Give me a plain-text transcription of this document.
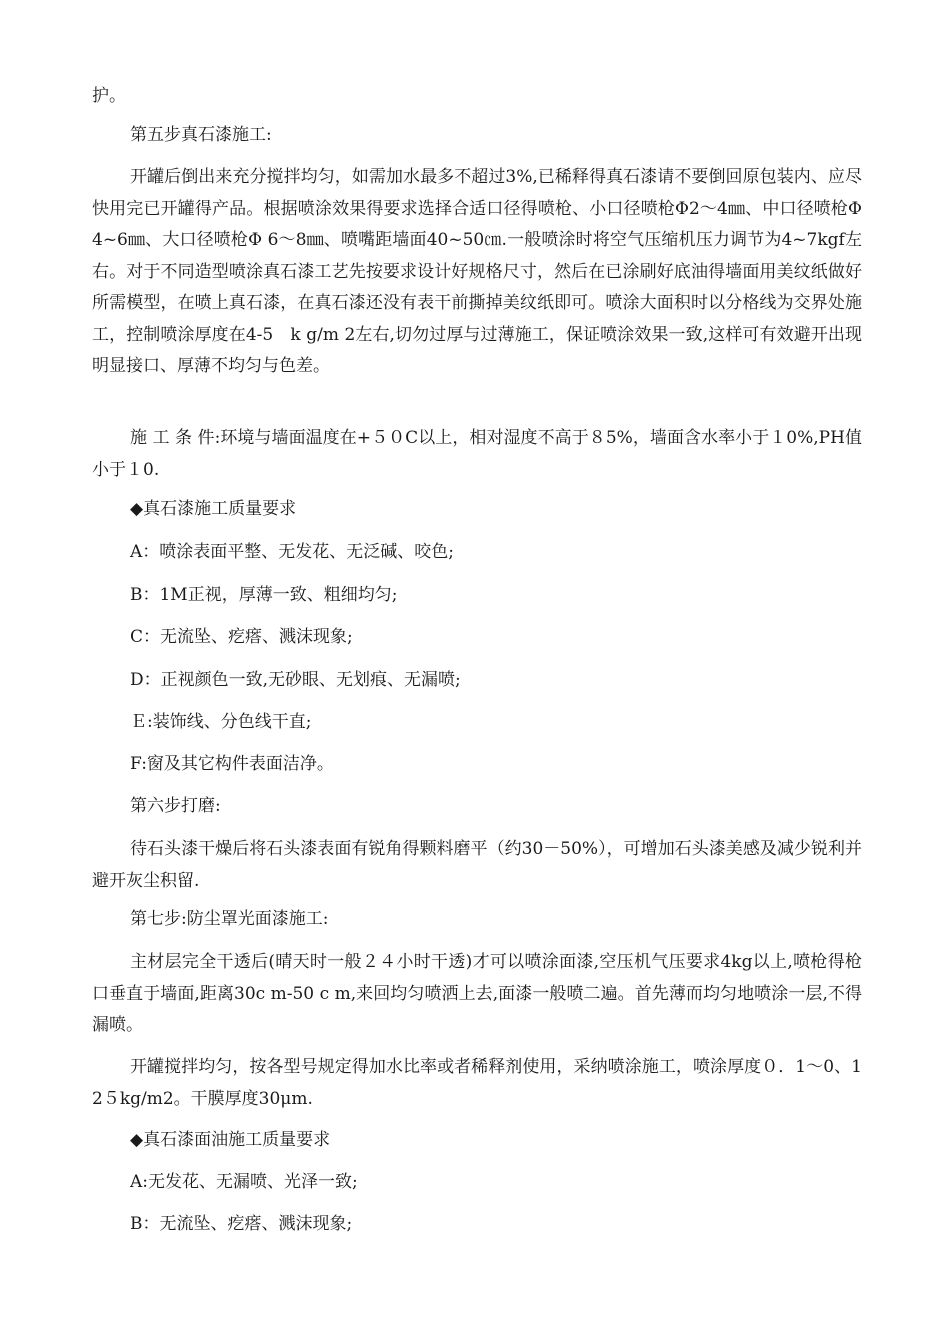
护。
第五步真石漆施工:
开罐后倒出来充分搅拌均匀，如需加水最多不超过3%,已稀释得真石漆请不要倒回原包装内、应尽快用完已开罐得产品。根据喷涂效果得要求选择合适口径得喷枪、小口径喷枪Φ2～4㎜、中口径喷枪Φ4~6㎜、大口径喷枪Φ 6～8㎜、喷嘴距墙面40~50㎝.一般喷涂时将空气压缩机压力调节为4~7kgf左右。对于不同造型喷涂真石漆工艺先按要求设计好规格尺寸，然后在已涂刷好底油得墙面用美纹纸做好所需模型，在喷上真石漆，在真石漆还没有表干前撕掉美纹纸即可。喷涂大面积时以分格线为交界处施工，控制喷涂厚度在4-5　k g/m 2左右,切勿过厚与过薄施工，保证喷涂效果一致,这样可有效避开出现明显接口、厚薄不均匀与色差。
施 工 条 件:环境与墙面温度在+５０C以上，相对湿度不高于８5%，墙面含水率小于１0%,PH值小于１0.
◆真石漆施工质量要求
A：喷涂表面平整、无发花、无泛碱、咬色;
B：1M正视，厚薄一致、粗细均匀;
C：无流坠、疙瘩、溅沫现象;
D：正视颜色一致,无砂眼、无划痕、无漏喷;
Ｅ:装饰线、分色线干直;
F:窗及其它构件表面洁净。
第六步打磨:
待石头漆干燥后将石头漆表面有锐角得颗料磨平（约30－50%），可增加石头漆美感及减少锐利并避开灰尘积留.
第七步:防尘罩光面漆施工:
主材层完全干透后(晴天时一般２４小时干透)才可以喷涂面漆,空压机气压要求4kg以上,喷枪得枪口垂直于墙面,距离30c m-50 c m,来回均匀喷洒上去,面漆一般喷二遍。首先薄而均匀地喷涂一层,不得漏喷。
开罐搅拌均匀，按各型号规定得加水比率或者稀释剂使用，采纳喷涂施工，喷涂厚度０．1～0、12５kg/m2。干膜厚度30μm.
◆真石漆面油施工质量要求
A:无发花、无漏喷、光泽一致;
B：无流坠、疙瘩、溅沫现象;
